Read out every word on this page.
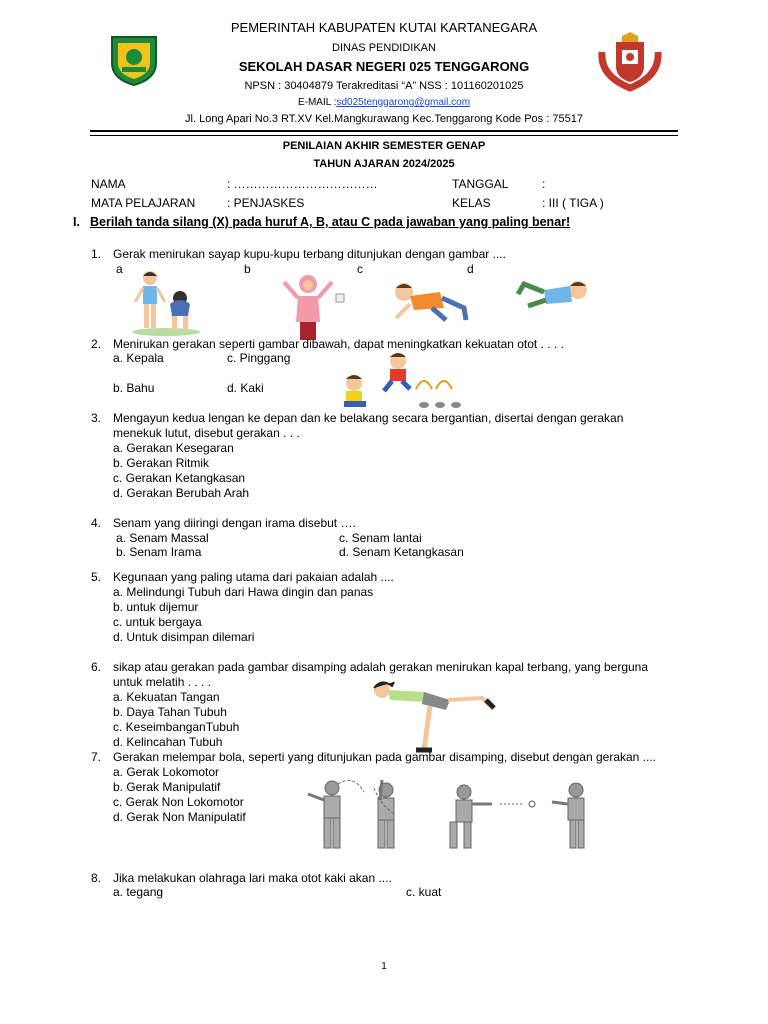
PEMERINTAH KABUPATEN KUTAI KARTANEGARA
DINAS PENDIDIKAN
SEKOLAH DASAR NEGERI 025 TENGGARONG
NPSN : 30404879 Terakreditasi “A” NSS : 101160201025
E-MAIL :sd025tenggarong@gmail.com
Jl. Long Apari No.3 RT.XV Kel.Mangkurawang Kec.Tenggarong Kode Pos : 75517
PENILAIAN AKHIR SEMESTER GENAP
TAHUN AJARAN 2024/2025
NAMA	: ………………………………	TANGGAL	:
MATA PELAJARAN	: PENJASKES	KELAS	: III ( TIGA )
I. Berilah tanda silang (X) pada huruf A, B, atau C pada jawaban yang paling benar!
1. Gerak menirukan sayap kupu-kupu terbang ditunjukan dengan gambar ....
a	b	c	d
2. Menirukan gerakan seperti gambar dibawah, dapat meningkatkan kekuatan otot . . . .
a. Kepala	c. Pinggang
b. Bahu	d. Kaki
3. Mengayun kedua lengan ke depan dan ke belakang secara bergantian, disertai dengan gerakan
menekuk lutut, disebut gerakan . . .
a. Gerakan Kesegaran
b. Gerakan Ritmik
c. Gerakan Ketangkasan
d. Gerakan Berubah Arah
4. Senam yang diiringi dengan irama disebut ….
a. Senam Massal	c. Senam lantai
b. Senam Irama	d. Senam Ketangkasan
5. Kegunaan yang paling utama dari pakaian adalah ....
a. Melindungi Tubuh dari Hawa dingin dan panas
b. untuk dijemur
c. untuk bergaya
d. Untuk disimpan dilemari
6. sikap atau gerakan pada gambar disamping adalah gerakan menirukan kapal terbang, yang berguna
untuk melatih . . . .
a. Kekuatan Tangan
b. Daya Tahan Tubuh
c. KeseimbanganTubuh
d. Kelincahan Tubuh
7. Gerakan melempar bola, seperti yang ditunjukan pada gambar disamping, disebut dengan gerakan ....
a. Gerak Lokomotor
b. Gerak Manipulatif
c. Gerak Non Lokomotor
d. Gerak Non Manipulatif
8. Jika melakukan olahraga lari maka otot kaki akan ....
a. tegang	c. kuat
1
